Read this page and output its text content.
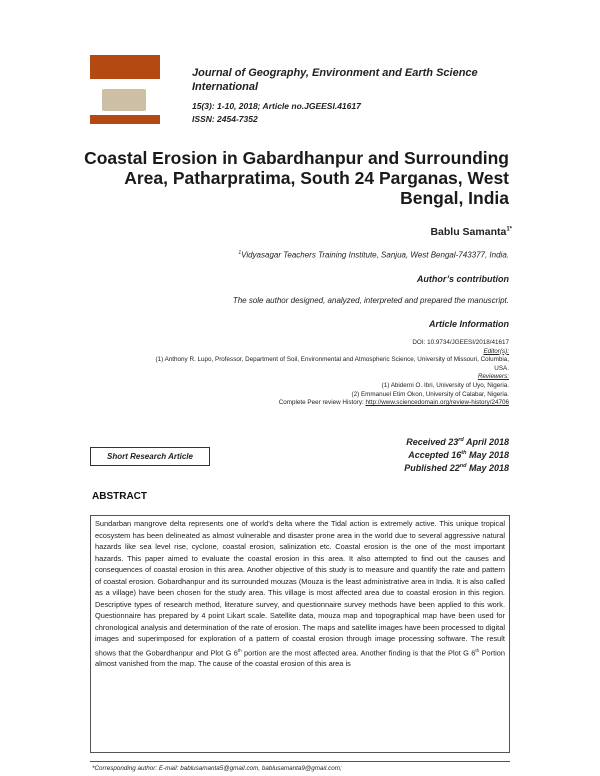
Journal of Geography, Environment and Earth Science International
15(3): 1-10, 2018; Article no.JGEESI.41617
ISSN: 2454-7352
Coastal Erosion in Gabardhanpur and Surrounding Area, Patharpratima, South 24 Parganas, West Bengal, India
Bablu Samanta$^{1*}$
$^1$Vidyasagar Teachers Training Institute, Sanjua, West Bengal-743377, India.
Author’s contribution
The sole author designed, analyzed, interpreted and prepared the manuscript.
Article Information
DOI: 10.9734/JGEESI/2018/41617
Editor(s):
(1) Anthony R. Lupo, Professor, Department of Soil, Environmental and Atmospheric Science, University of Missouri, Columbia,
USA.
Reviewers:
(1) Abiderni O. Ibri, University of Uyo, Nigeria.
(2) Emmanuel Etim Okon, University of Calabar, Nigeria.
Complete Peer review History: http://www.sciencedomain.org/review-history/24706
Short Research Article
Received 23rd April 2018
Accepted 16th May 2018
Published 22nd May 2018
ABSTRACT

Sundarban mangrove delta represents one of world’s delta where the Tidal action is extremely active. This unique tropical ecosystem has been delineated as almost vulnerable and disaster prone area in the world due to several aggressive natural hazards like sea level rise, cyclone, coastal erosion, salinization etc. Coastal erosion is the one of the most important hazards. This paper aimed to evaluate the coastal erosion in this area. It also attempted to find out the causes and consequences of coastal erosion in this area. Another objective of this study is to measure and quantify the rate and pattern of coastal erosion. Gobardhanpur and its surrounded mouzas (Mouza is the least administrative area in India. It is also called as a village) have been chosen for the study area. This village is most affected area due to coastal erosion in this region. Descriptive types of research method, literature survey, and questionnaire survey methods have been applied to this work. Questionnaire has prepared by 4 point Likart scale. Satellite data, mouza map and topographical map have been used for chronological analysis and determination of the rate of erosion. The maps and satellite images have been processed to digital images and superimposed for exploration of a pattern of coastal erosion through image processing software. The result shows that the Gobardhanpur and Plot G 6th portion are the most affected area. Another finding is that the Plot G 6th Portion almost vanished from the map. The cause of the coastal erosion of this area is

*Corresponding author: E-mail: bablusamanta5@gmail.com, bablusamanta9@gmail.com;
